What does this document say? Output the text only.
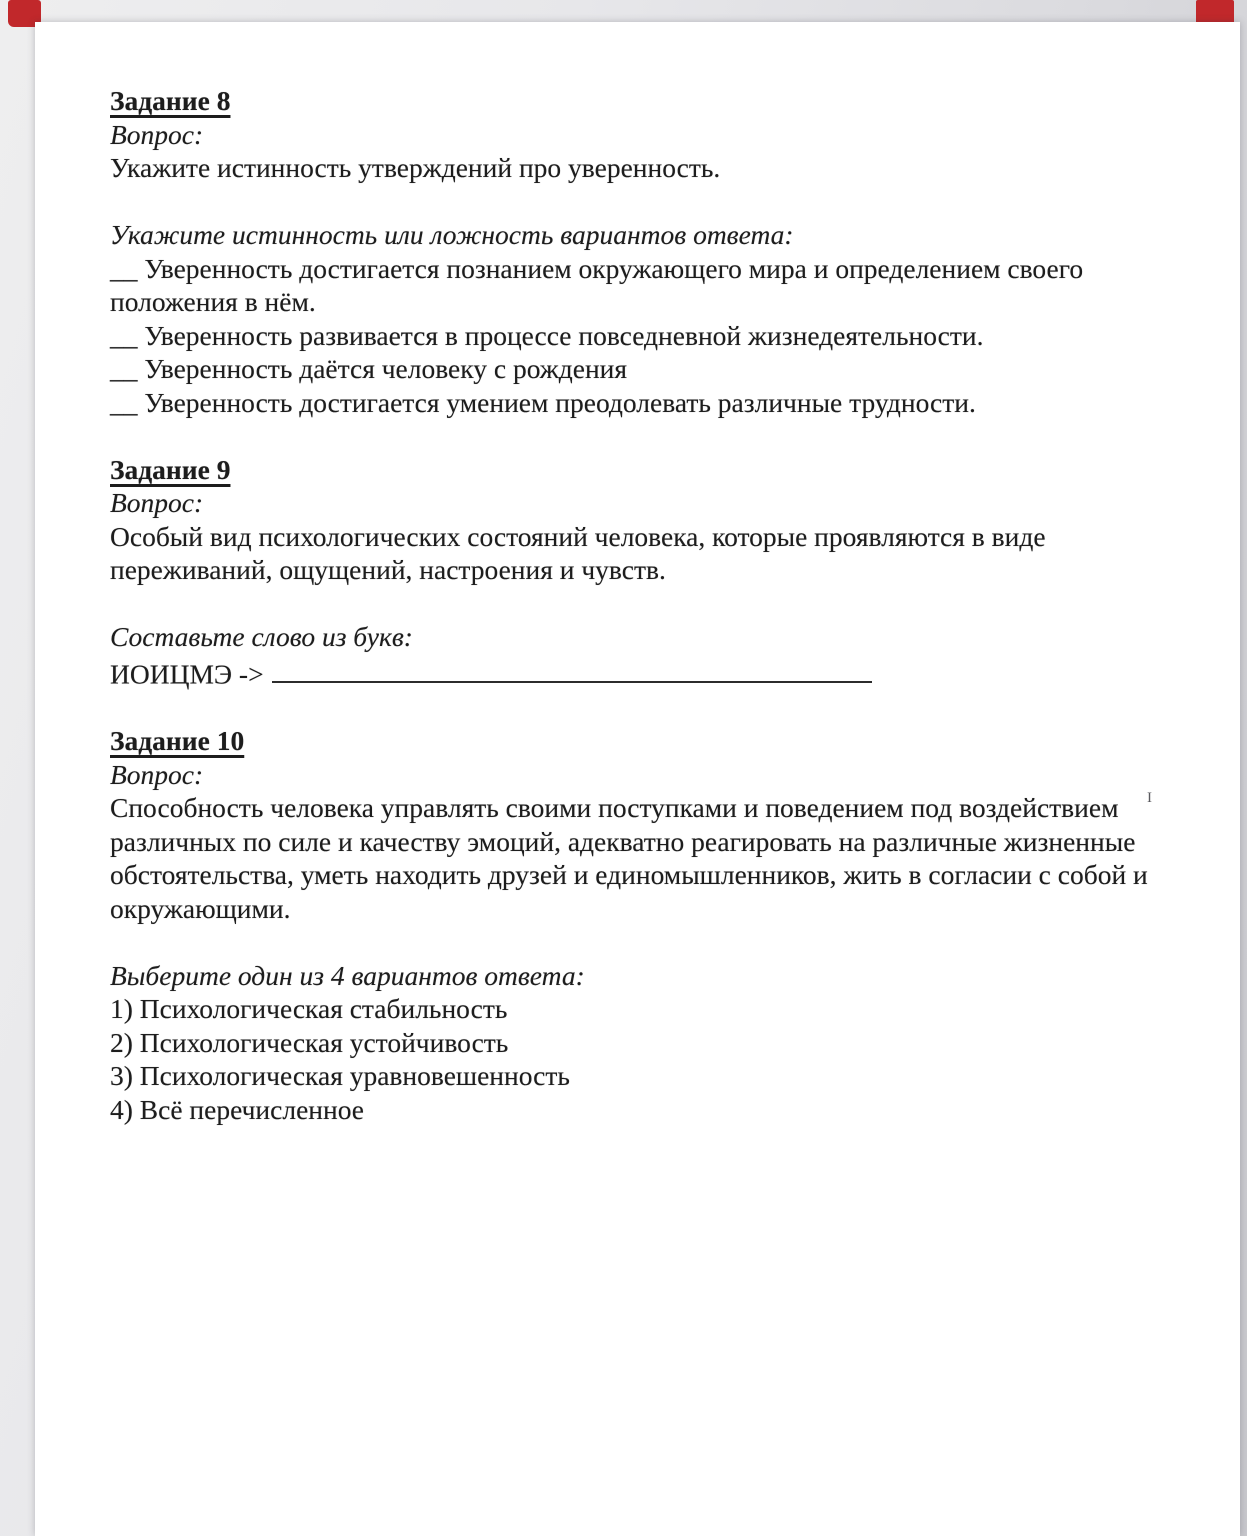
Задание 8
Вопрос:
Укажите истинность утверждений про уверенность.
Укажите истинность или ложность вариантов ответа:
__ Уверенность достигается познанием окружающего мира и определением своего положения в нём.
__ Уверенность развивается в процессе повседневной жизнедеятельности.
__ Уверенность даётся человеку с рождения
__ Уверенность достигается умением преодолевать различные трудности.
Задание 9
Вопрос:
Особый вид психологических состояний человека, которые проявляются в виде переживаний, ощущений, настроения и чувств.
Составьте слово из букв:
ИОИЦМЭ ->
Задание 10
Вопрос:
Способность человека управлять своими поступками и поведением под воздействием различных по силе и качеству эмоций, адекватно реагировать на различные жизненные обстоятельства, уметь находить друзей и единомышленников, жить в согласии с собой и окружающими.
Выберите один из 4 вариантов ответа:
1) Психологическая стабильность
2) Психологическая устойчивость
3) Психологическая уравновешенность
4) Всё перечисленное
I
